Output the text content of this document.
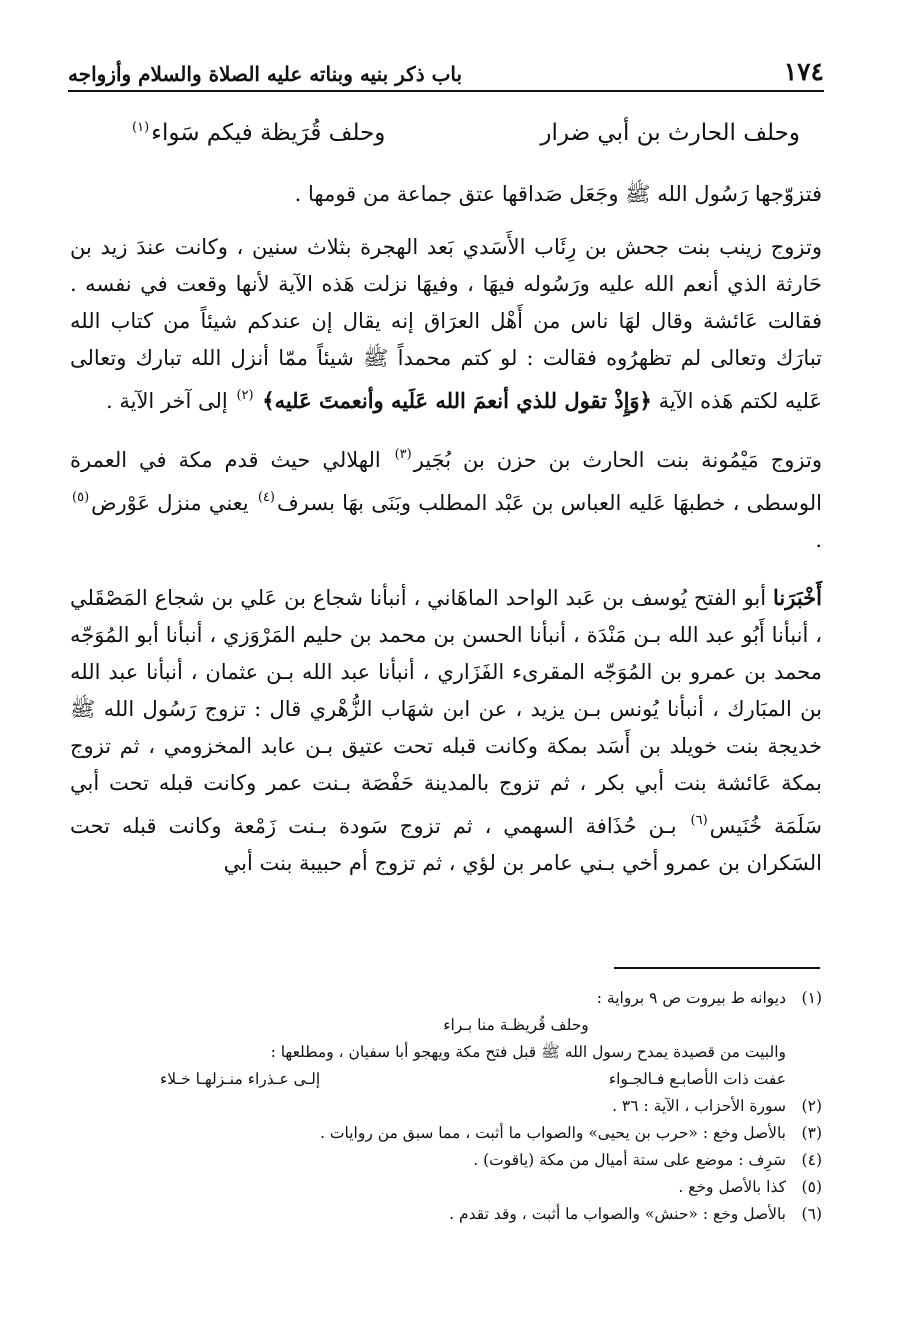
١٧٤
باب ذكر بنيه وبناته عليه الصلاة والسلام وأزواجه
وحلف الحارث بن أبي ضرار
وحلف قُرَيظة فيكم سَواء$^{(١)}$

فتزوّجها رَسُول الله ﷺ وجَعَل صَداقها عتق جماعة من قومها .

وتزوج زينب بنت جحش بن رِئَاب الأَسَدي بَعد الهجرة بثلاث سنين ، وكانت عندَ زيد بن حَارثة الذي أنعم الله عليه ورَسُوله فيهَا ، وفيهَا نزلت هَذه الآية لأنها وقعت في نفسه . فقالت عَائشة وقال لهَا ناس من أَهْل العرَاق إنه يقال إن عندكم شيئاً من كتاب الله تبارَك وتعالى لم تظهرُوه فقالت : لو كتم محمداً ﷺ شيئاً ممّا أنزل الله تبارك وتعالى عَليه لكتم هَذه الآية ﴿وَإِذْ تقول للذي أنعمَ الله عَلَيه وأنعمتَ عَليه﴾ $^{(٢)}$ إلى آخر الآية .

وتزوج مَيْمُونة بنت الحارث بن حزن بن بُجَير$^{(٣)}$ الهلالي حيث قدم مكة في العمرة الوسطى ، خطبهَا عَليه العباس بن عَبْد المطلب وبَنَى بهَا بسرف$^{(٤)}$ يعني منزل عَوْرض$^{(٥)}$ .

أَخْبَرَنا أبو الفتح يُوسف بن عَبد الواحد الماهَاني ، أنبأنا شجاع بن عَلي بن شجاع المَصْقَلي ، أنبأنا أَبُو عبد الله بـن مَنْدَة ، أنبأنا الحسن بن محمد بن حليم المَرْوَزي ، أنبأنا أبو المُوَجّه محمد بن عمرو بن المُوَجّه المقرىء الفَزَاري ، أنبأنا عبد الله بـن عثمان ، أنبأنا عبد الله بن المبَارك ، أنبأنا يُونس بـن يزيد ، عن ابن شهَاب الزُّهْري قال : تزوج رَسُول الله ﷺ خديجة بنت خويلد بن أَسَد بمكة وكانت قبله تحت عتيق بـن عابد المخزومي ، ثم تزوج بمكة عَائشة بنت أبي بكر ، ثم تزوج بالمدينة حَفْصَة بـنت عمر وكانت قبله تحت أبي سَلَمَة خُنَيس$^{(٦)}$ بـن حُذَافة السهمي ، ثم تزوج سَودة بـنت زَمْعة وكانت قبله تحت السَكران بن عمرو أخي بـني عامر بن لؤي ، ثم تزوج أم حبيبة بنت أبي

(١)
ديوانه ط بيروت ص ٩ برواية :
وحلف قُريظـة منا بـراء
والبيت من قصيدة يمدح رسول الله ﷺ قبل فتح مكة ويهجو أبا سفيان ، ومطلعها :
عفت ذات الأصابـع فـالجـواء
إلـى عـذراء منـزلهـا خـلاء
(٢)
سورة الأحزاب ، الآية : ٣٦ .
(٣)
بالأصل وخع : «حرب بن يحيى» والصواب ما أثبت ، مما سبق من روايات .
(٤)
سَرِف : موضع على ستة أميال من مكة (ياقوت) .
(٥)
كذا بالأصل وخع .
(٦)
بالأصل وخع : «حنش» والصواب ما أثبت ، وقد تقدم .
